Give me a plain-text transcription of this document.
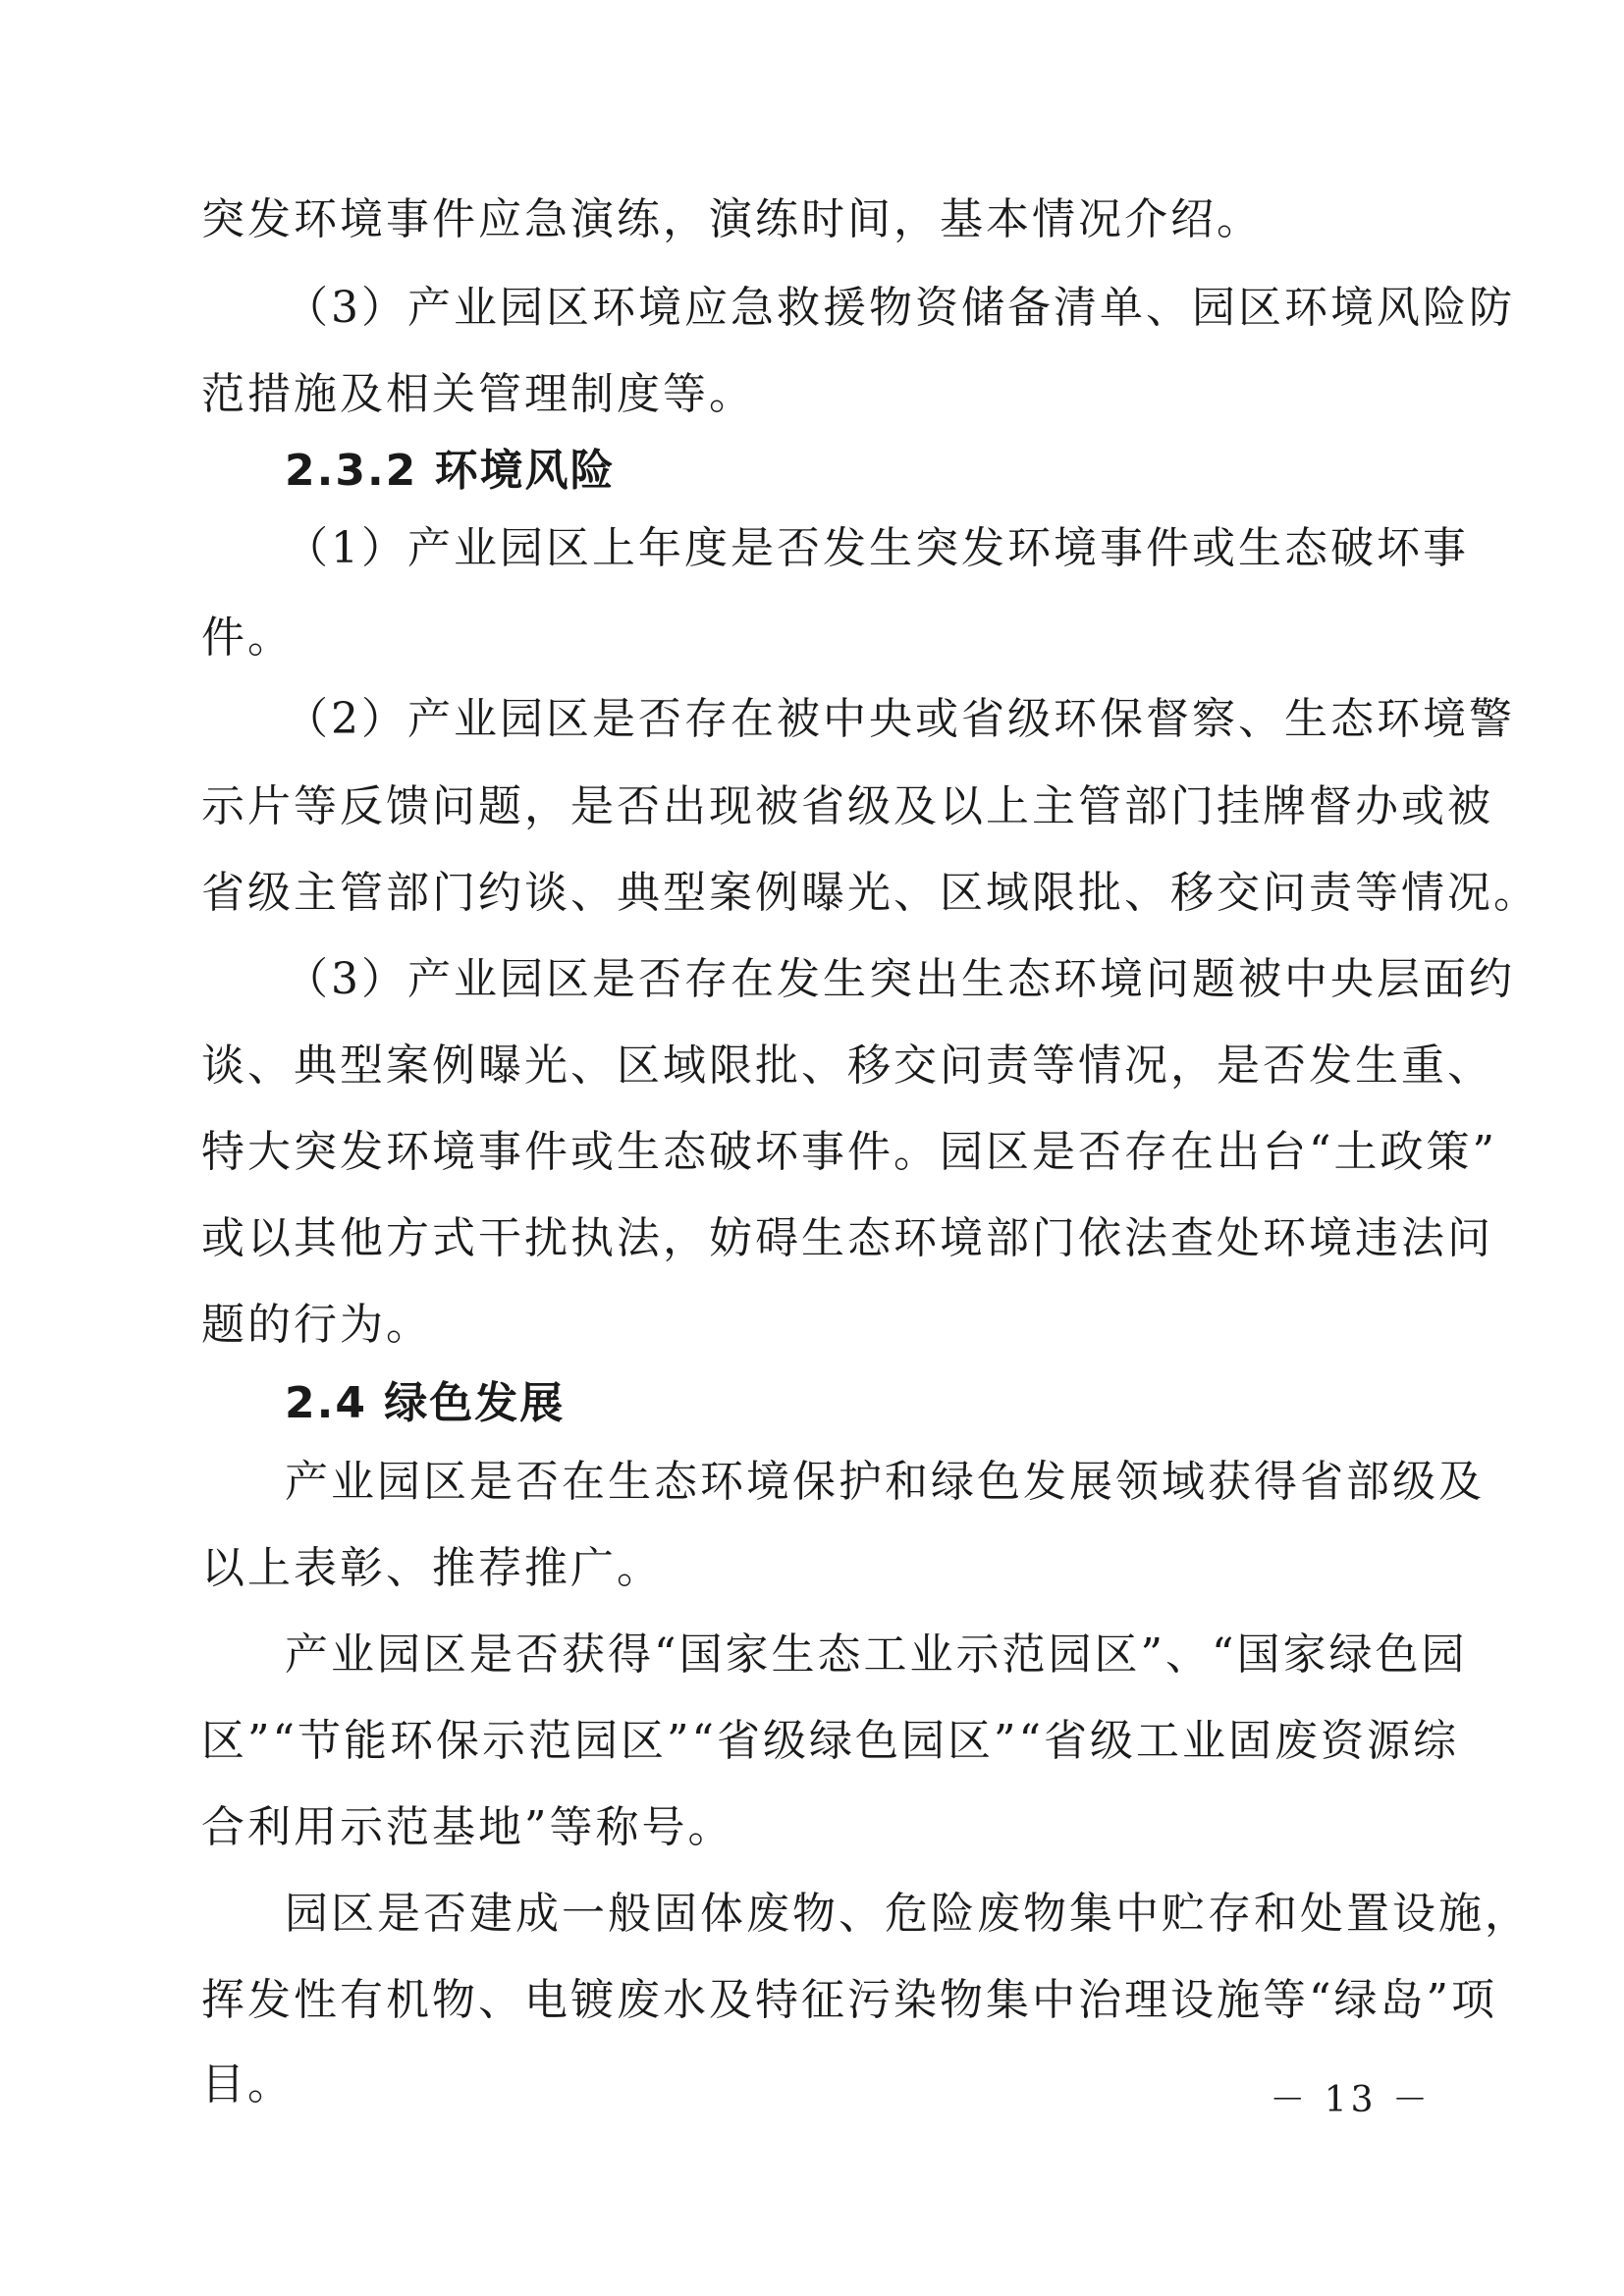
突发环境事件应急演练，演练时间，基本情况介绍。
（3）产业园区环境应急救援物资储备清单、园区环境风险防
范措施及相关管理制度等。
2.3.2 环境风险
（1）产业园区上年度是否发生突发环境事件或生态破坏事
件。
（2）产业园区是否存在被中央或省级环保督察、生态环境警
示片等反馈问题，是否出现被省级及以上主管部门挂牌督办或被
省级主管部门约谈、典型案例曝光、区域限批、移交问责等情况。
（3）产业园区是否存在发生突出生态环境问题被中央层面约
谈、典型案例曝光、区域限批、移交问责等情况，是否发生重、
特大突发环境事件或生态破坏事件。园区是否存在出台“土政策”
或以其他方式干扰执法，妨碍生态环境部门依法查处环境违法问
题的行为。
2.4 绿色发展
产业园区是否在生态环境保护和绿色发展领域获得省部级及
以上表彰、推荐推广。
产业园区是否获得“国家生态工业示范园区”、“国家绿色园
区”“节能环保示范园区”“省级绿色园区”“省级工业固废资源综
合利用示范基地”等称号。
园区是否建成一般固体废物、危险废物集中贮存和处置设施，
挥发性有机物、电镀废水及特征污染物集中治理设施等“绿岛”项
目。	－ 13 －
